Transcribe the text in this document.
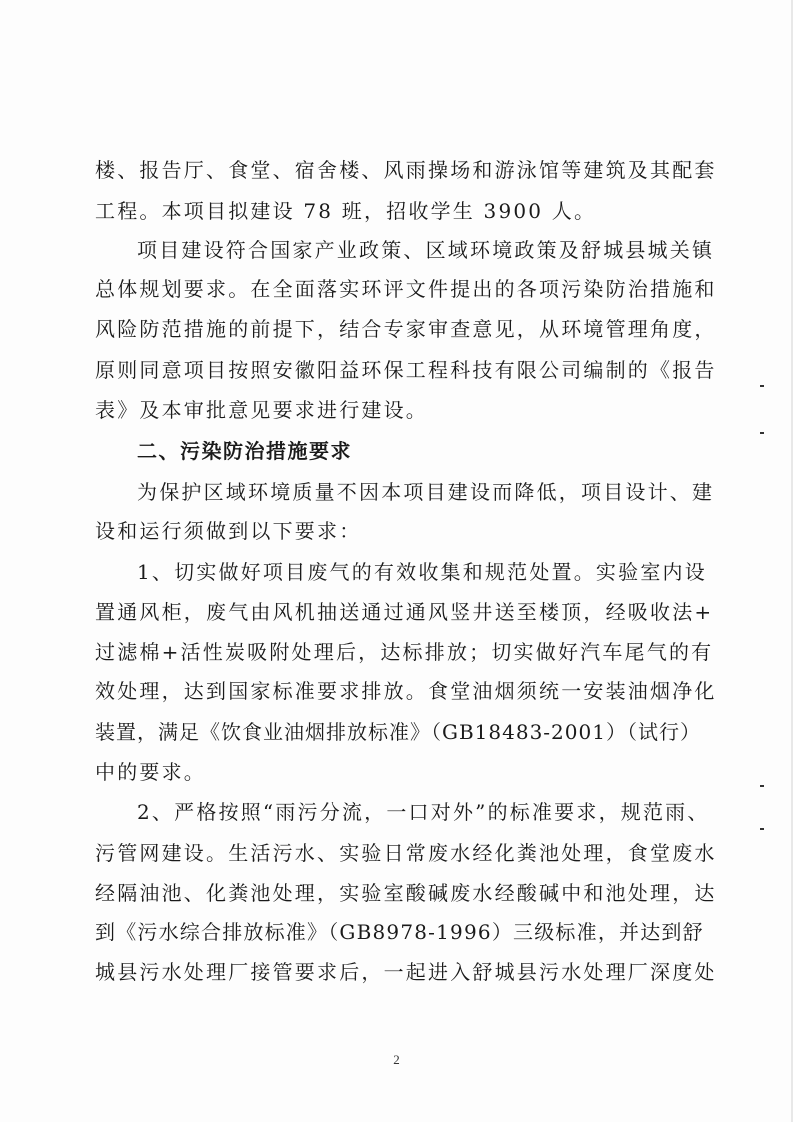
楼、报告厅、食堂、宿舍楼、风雨操场和游泳馆等建筑及其配套
工程。本项目拟建设 78 班，招收学生 3900 人。
项目建设符合国家产业政策、区域环境政策及舒城县城关镇
总体规划要求。在全面落实环评文件提出的各项污染防治措施和
风险防范措施的前提下，结合专家审查意见，从环境管理角度，
原则同意项目按照安徽阳益环保工程科技有限公司编制的《报告
表》及本审批意见要求进行建设。
二、污染防治措施要求
为保护区域环境质量不因本项目建设而降低，项目设计、建
设和运行须做到以下要求：
1、切实做好项目废气的有效收集和规范处置。实验室内设
置通风柜，废气由风机抽送通过通风竖井送至楼顶，经吸收法+
过滤棉+活性炭吸附处理后，达标排放；切实做好汽车尾气的有
效处理，达到国家标准要求排放。食堂油烟须统一安装油烟净化
装置，满足《饮食业油烟排放标准》（GB18483-2001）（试行）
中的要求。
2、严格按照“雨污分流，一口对外”的标准要求，规范雨、
污管网建设。生活污水、实验日常废水经化粪池处理，食堂废水
经隔油池、化粪池处理，实验室酸碱废水经酸碱中和池处理，达
到《污水综合排放标准》（GB8978-1996）三级标准，并达到舒
城县污水处理厂接管要求后，一起进入舒城县污水处理厂深度处
2
